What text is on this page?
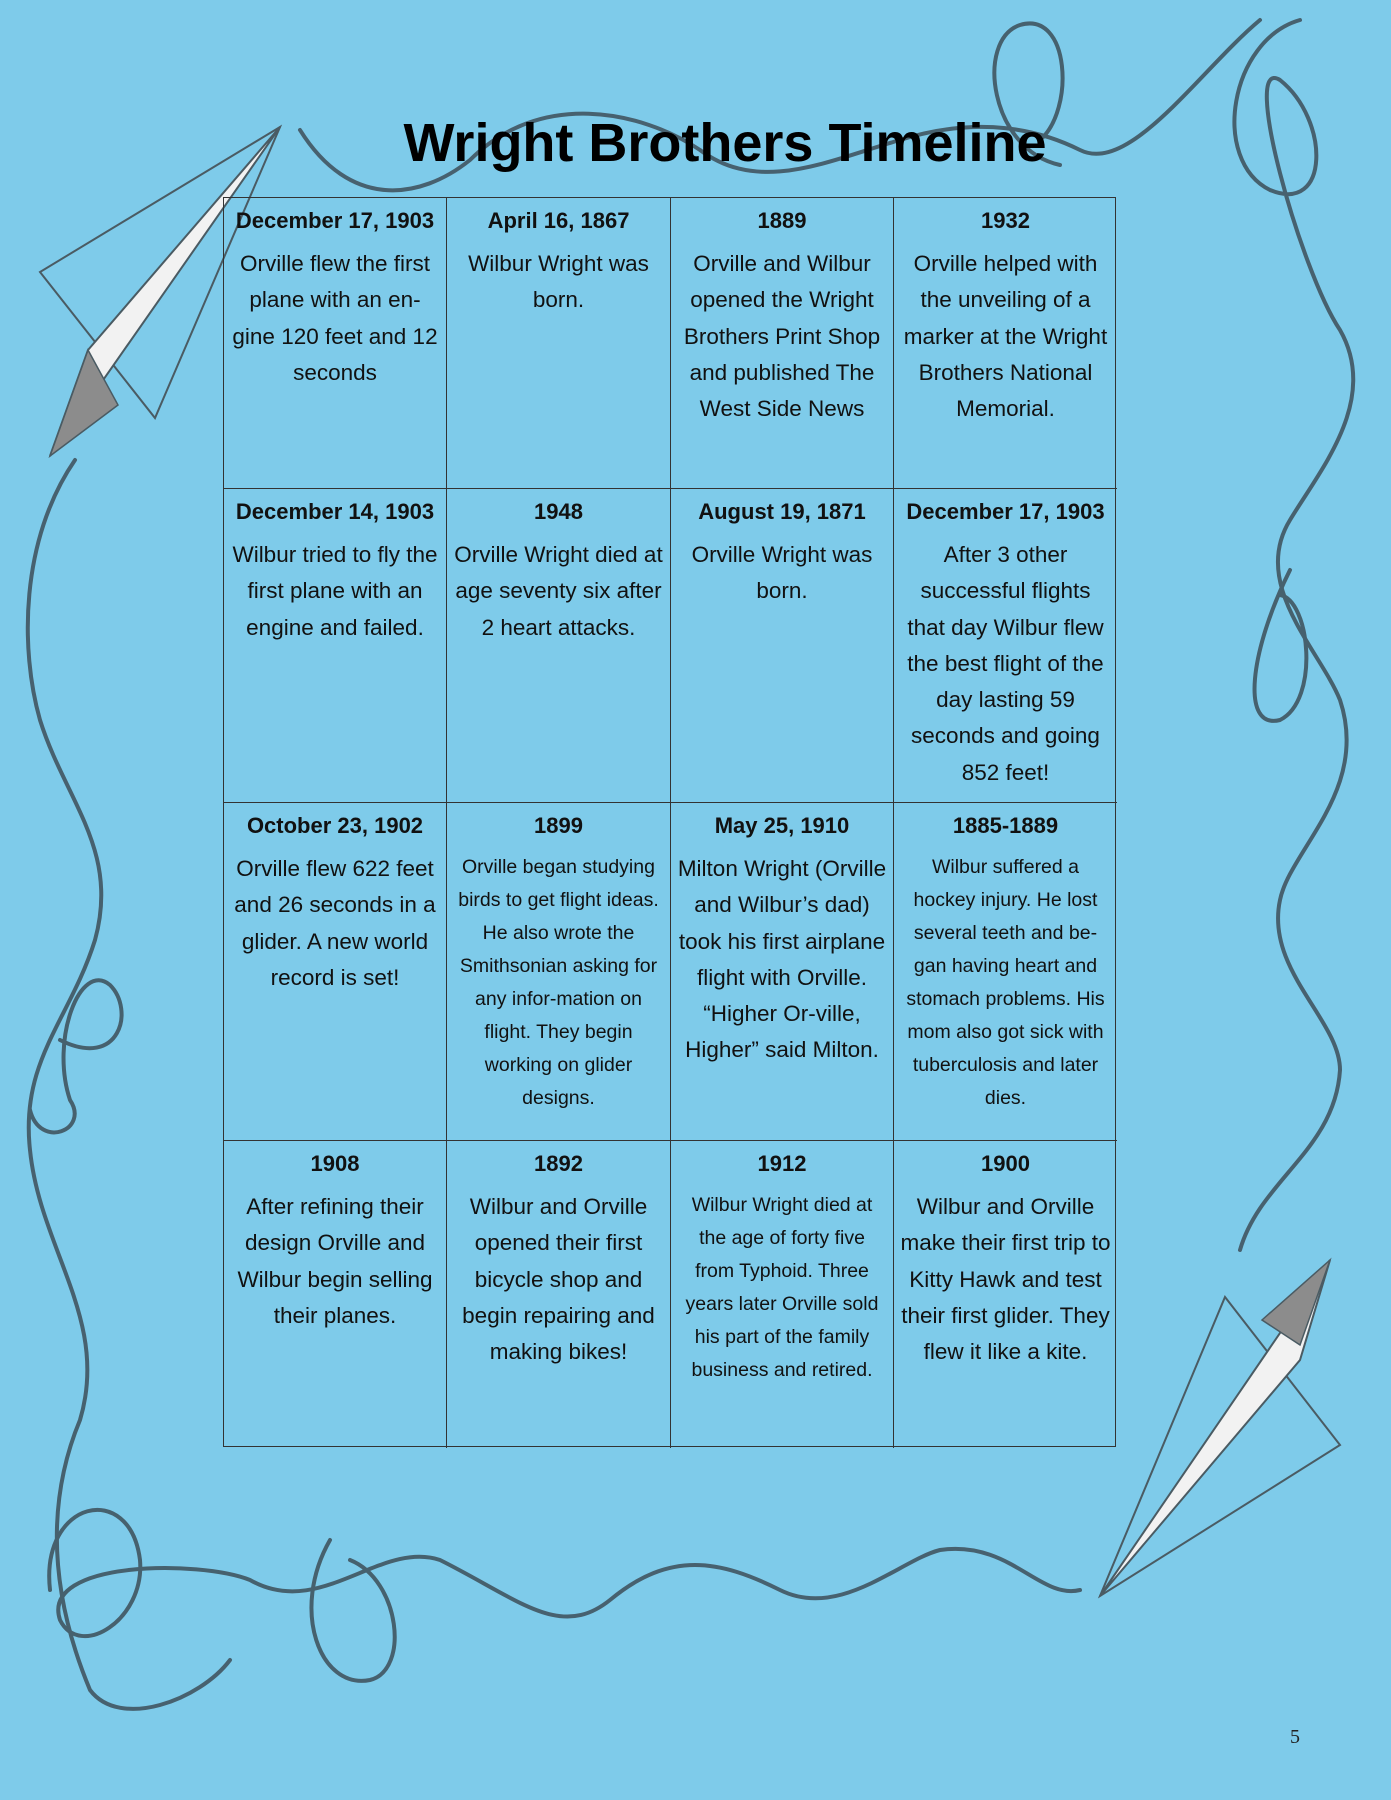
Wright Brothers Timeline
December 17, 1903
Orville flew the first plane with an en-gine 120 feet and 12 seconds
April 16, 1867
Wilbur Wright was born.
1889
Orville and Wilbur opened the Wright Brothers Print Shop and published The West Side News
1932
Orville helped with the unveiling of a marker at the Wright Brothers National Memorial.
December 14, 1903
Wilbur tried to fly the first plane with an engine and failed.
1948
Orville Wright died at age seventy six after 2 heart attacks.
August 19, 1871
Orville Wright was born.
December 17, 1903
After 3 other successful flights that day Wilbur flew the best flight of the day lasting 59 seconds and going 852 feet!
October 23, 1902
Orville flew 622 feet and 26 seconds in a glider. A new world record is set!
1899
Orville began studying birds to get flight ideas. He also wrote the Smithsonian asking for any infor-mation on flight. They begin working on glider designs.
May 25, 1910
Milton Wright (Orville and Wilbur’s dad) took his first airplane flight with Orville. “Higher Or-ville, Higher” said Milton.
1885-1889
Wilbur suffered a hockey injury. He lost several teeth and be-gan having heart and stomach problems. His mom also got sick with tuberculosis and later dies.
1908
After refining their design Orville and Wilbur begin selling their planes.
1892
Wilbur and Orville opened their first bicycle shop and begin repairing and making bikes!
1912
Wilbur Wright died at the age of forty five from Typhoid. Three years later Orville sold his part of the family business and retired.
1900
Wilbur and Orville make their first trip to Kitty Hawk and test their first glider. They flew it like a kite.
5
